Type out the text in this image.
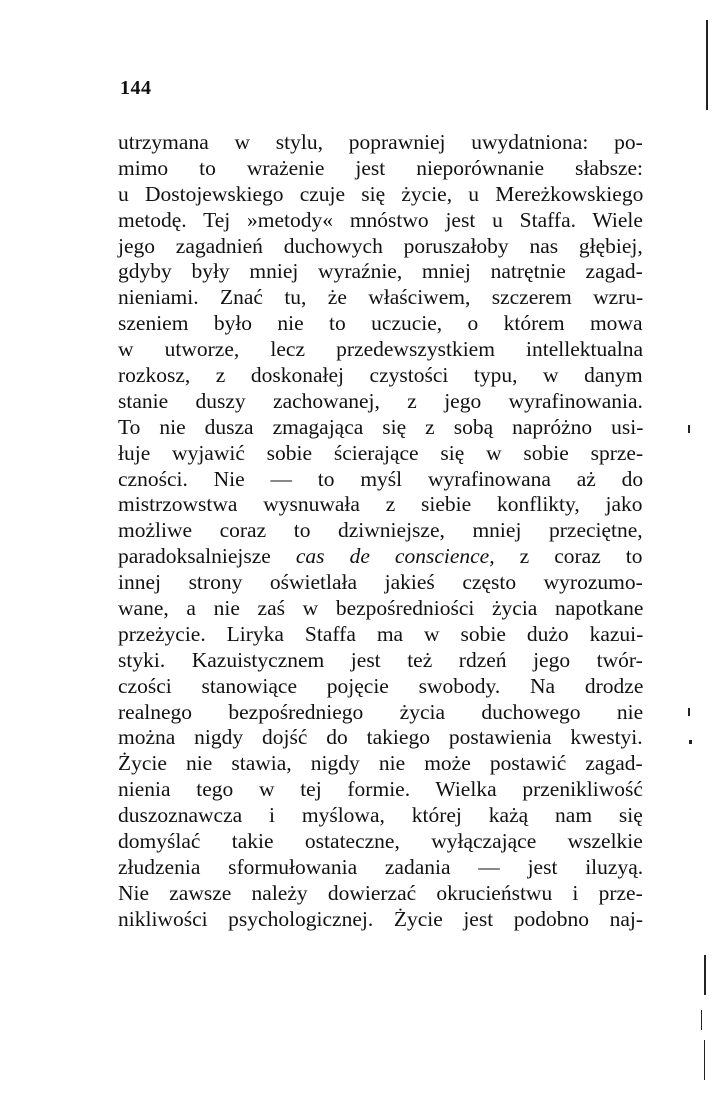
144
utrzymana w stylu, poprawniej uwydatniona: po-
mimo to wrażenie jest nieporównanie słabsze:
u Dostojewskiego czuje się życie, u Mereżkowskiego
metodę. Tej »metody« mnóstwo jest u Staffa. Wiele
jego zagadnień duchowych poruszałoby nas głębiej,
gdyby były mniej wyraźnie, mniej natrętnie zagad-
nieniami. Znać tu, że właściwem, szczerem wzru-
szeniem było nie to uczucie, o którem mowa
w utworze, lecz przedewszystkiem intellektualna
rozkosz, z doskonałej czystości typu, w danym
stanie duszy zachowanej, z jego wyrafinowania.
To nie dusza zmagająca się z sobą napróżno usi-
łuje wyjawić sobie ścierające się w sobie sprze-
czności. Nie — to myśl wyrafinowana aż do
mistrzowstwa wysnuwała z siebie konflikty, jako
możliwe coraz to dziwniejsze, mniej przeciętne,
paradoksalniejsze cas de conscience, z coraz to
innej strony oświetlała jakieś często wyrozumo-
wane, a nie zaś w bezpośredniości życia napotkane
przeżycie. Liryka Staffa ma w sobie dużo kazui-
styki. Kazuistycznem jest też rdzeń jego twór-
czości stanowiące pojęcie swobody. Na drodze
realnego bezpośredniego życia duchowego nie
można nigdy dojść do takiego postawienia kwestyi.
Życie nie stawia, nigdy nie może postawić zagad-
nienia tego w tej formie. Wielka przenikliwość
duszoznawcza i myślowa, której każą nam się
domyślać takie ostateczne, wyłączające wszelkie
złudzenia sformułowania zadania — jest iluzyą.
Nie zawsze należy dowierzać okrucieństwu i prze-
nikliwości psychologicznej. Życie jest podobno naj-
